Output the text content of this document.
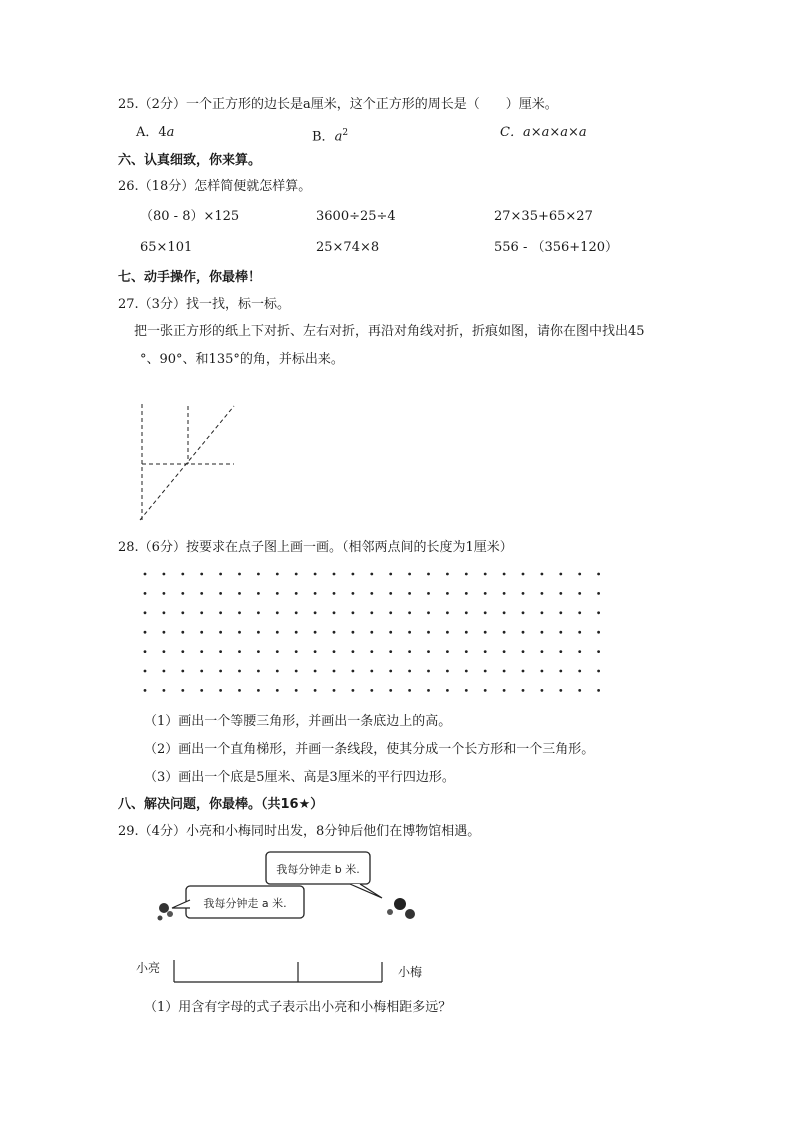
25.（2分）一个正方形的边长是a厘米，这个正方形的周长是（　　）厘米。
A．4a	B．$a^2$	C．a×a×a×a
六、认真细致，你来算。
26.（18分）怎样简便就怎样算。
（80 - 8）×125	3600÷25÷4	27×35+65×27
65×101	25×74×8	556 - （356+120）
七、动手操作，你最棒！
27.（3分）找一找，标一标。
把一张正方形的纸上下对折、左右对折，再沿对角线对折，折痕如图，请你在图中找出45
°、90°、和135°的角，并标出来。
28.（6分）按要求在点子图上画一画。（相邻两点间的长度为1厘米）
（1）画出一个等腰三角形，并画出一条底边上的高。
（2）画出一个直角梯形，并画一条线段，使其分成一个长方形和一个三角形。
（3）画出一个底是5厘米、高是3厘米的平行四边形。
八、解决问题，你最棒。（共16★）
29.（4分）小亮和小梅同时出发，8分钟后他们在博物馆相遇。
我每分钟走 b 米.
我每分钟走 a 米.
小亮	小梅
（1）用含有字母的式子表示出小亮和小梅相距多远？
